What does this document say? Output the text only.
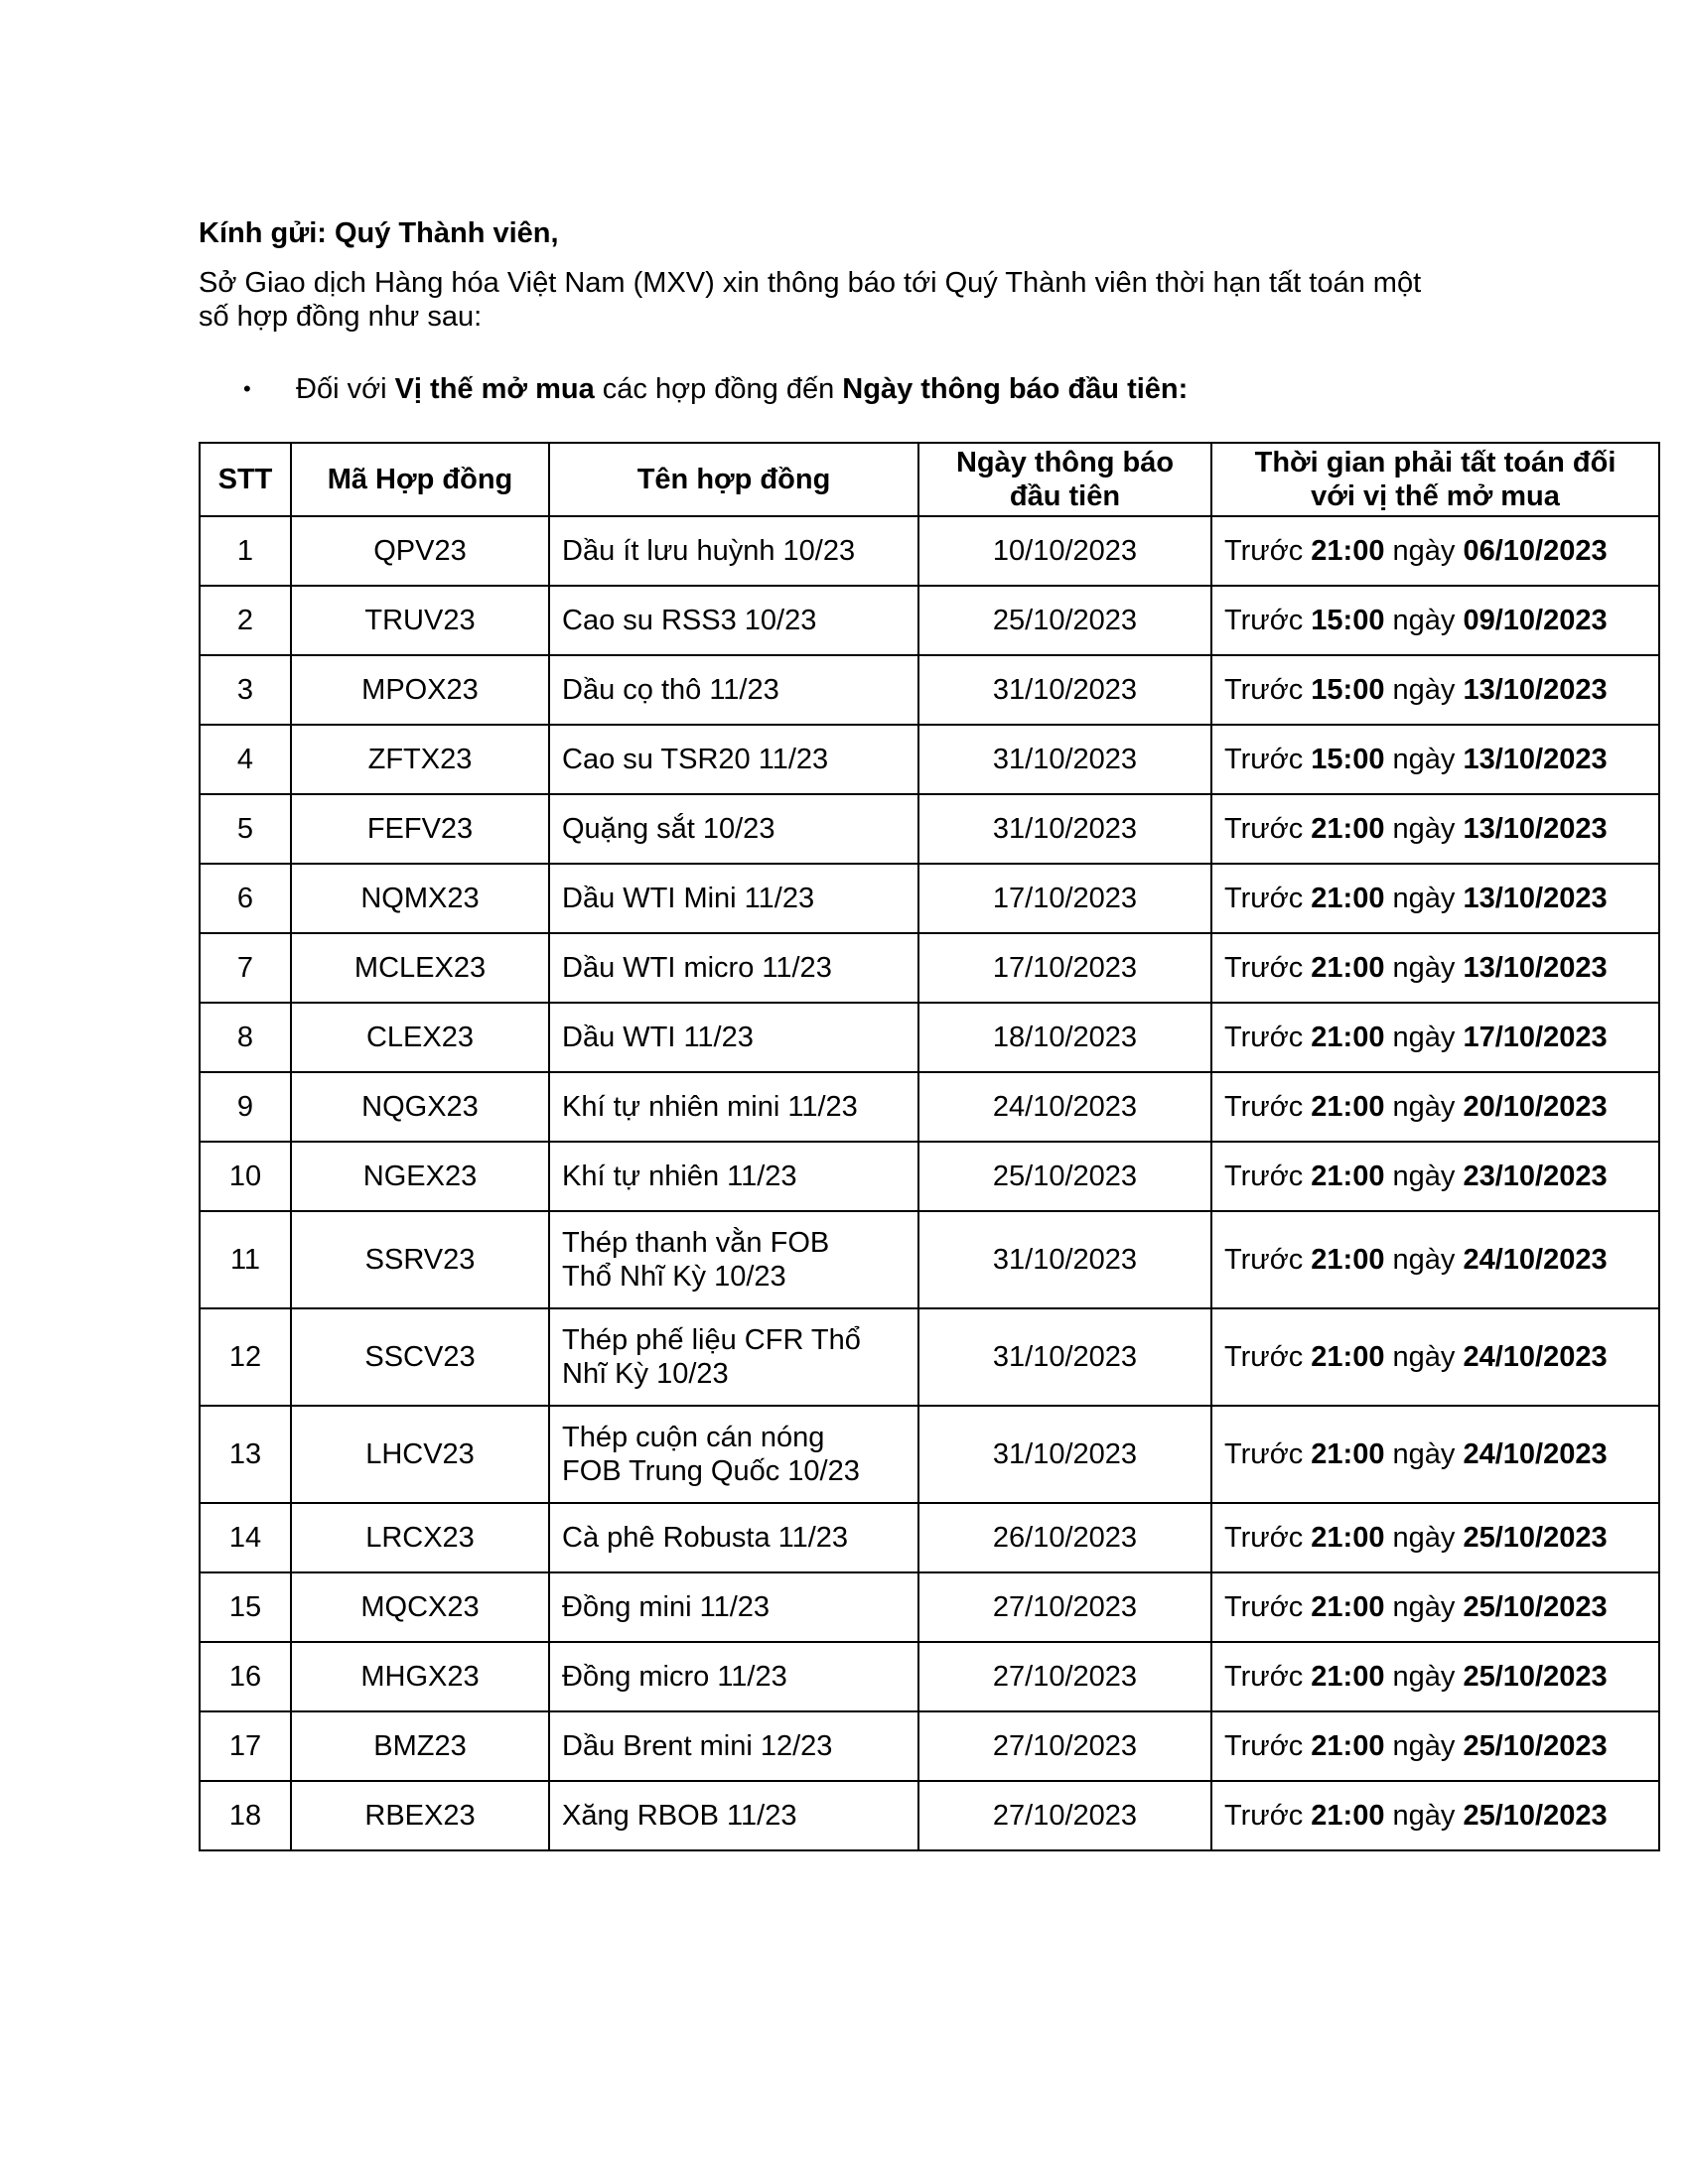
Kính gửi: Quý Thành viên,
Sở Giao dịch Hàng hóa Việt Nam (MXV) xin thông báo tới Quý Thành viên thời hạn tất toán một
số hợp đồng như sau:
• Đối với Vị thế mở mua các hợp đồng đến Ngày thông báo đầu tiên:
STT	Mã Hợp đồng	Tên hợp đồng	Ngày thông báo
đầu tiên	Thời gian phải tất toán đối
với vị thế mở mua
1	QPV23	Dầu ít lưu huỳnh 10/23	10/10/2023	Trước 21:00 ngày 06/10/2023
2	TRUV23	Cao su RSS3 10/23	25/10/2023	Trước 15:00 ngày 09/10/2023
3	MPOX23	Dầu cọ thô 11/23	31/10/2023	Trước 15:00 ngày 13/10/2023
4	ZFTX23	Cao su TSR20 11/23	31/10/2023	Trước 15:00 ngày 13/10/2023
5	FEFV23	Quặng sắt 10/23	31/10/2023	Trước 21:00 ngày 13/10/2023
6	NQMX23	Dầu WTI Mini 11/23	17/10/2023	Trước 21:00 ngày 13/10/2023
7	MCLEX23	Dầu WTI micro 11/23	17/10/2023	Trước 21:00 ngày 13/10/2023
8	CLEX23	Dầu WTI 11/23	18/10/2023	Trước 21:00 ngày 17/10/2023
9	NQGX23	Khí tự nhiên mini 11/23	24/10/2023	Trước 21:00 ngày 20/10/2023
10	NGEX23	Khí tự nhiên 11/23	25/10/2023	Trước 21:00 ngày 23/10/2023
11	SSRV23	Thép thanh vằn FOB
Thổ Nhĩ Kỳ 10/23	31/10/2023	Trước 21:00 ngày 24/10/2023
12	SSCV23	Thép phế liệu CFR Thổ
Nhĩ Kỳ 10/23	31/10/2023	Trước 21:00 ngày 24/10/2023
13	LHCV23	Thép cuộn cán nóng
FOB Trung Quốc 10/23	31/10/2023	Trước 21:00 ngày 24/10/2023
14	LRCX23	Cà phê Robusta 11/23	26/10/2023	Trước 21:00 ngày 25/10/2023
15	MQCX23	Đồng mini 11/23	27/10/2023	Trước 21:00 ngày 25/10/2023
16	MHGX23	Đồng micro 11/23	27/10/2023	Trước 21:00 ngày 25/10/2023
17	BMZ23	Dầu Brent mini 12/23	27/10/2023	Trước 21:00 ngày 25/10/2023
18	RBEX23	Xăng RBOB 11/23	27/10/2023	Trước 21:00 ngày 25/10/2023
